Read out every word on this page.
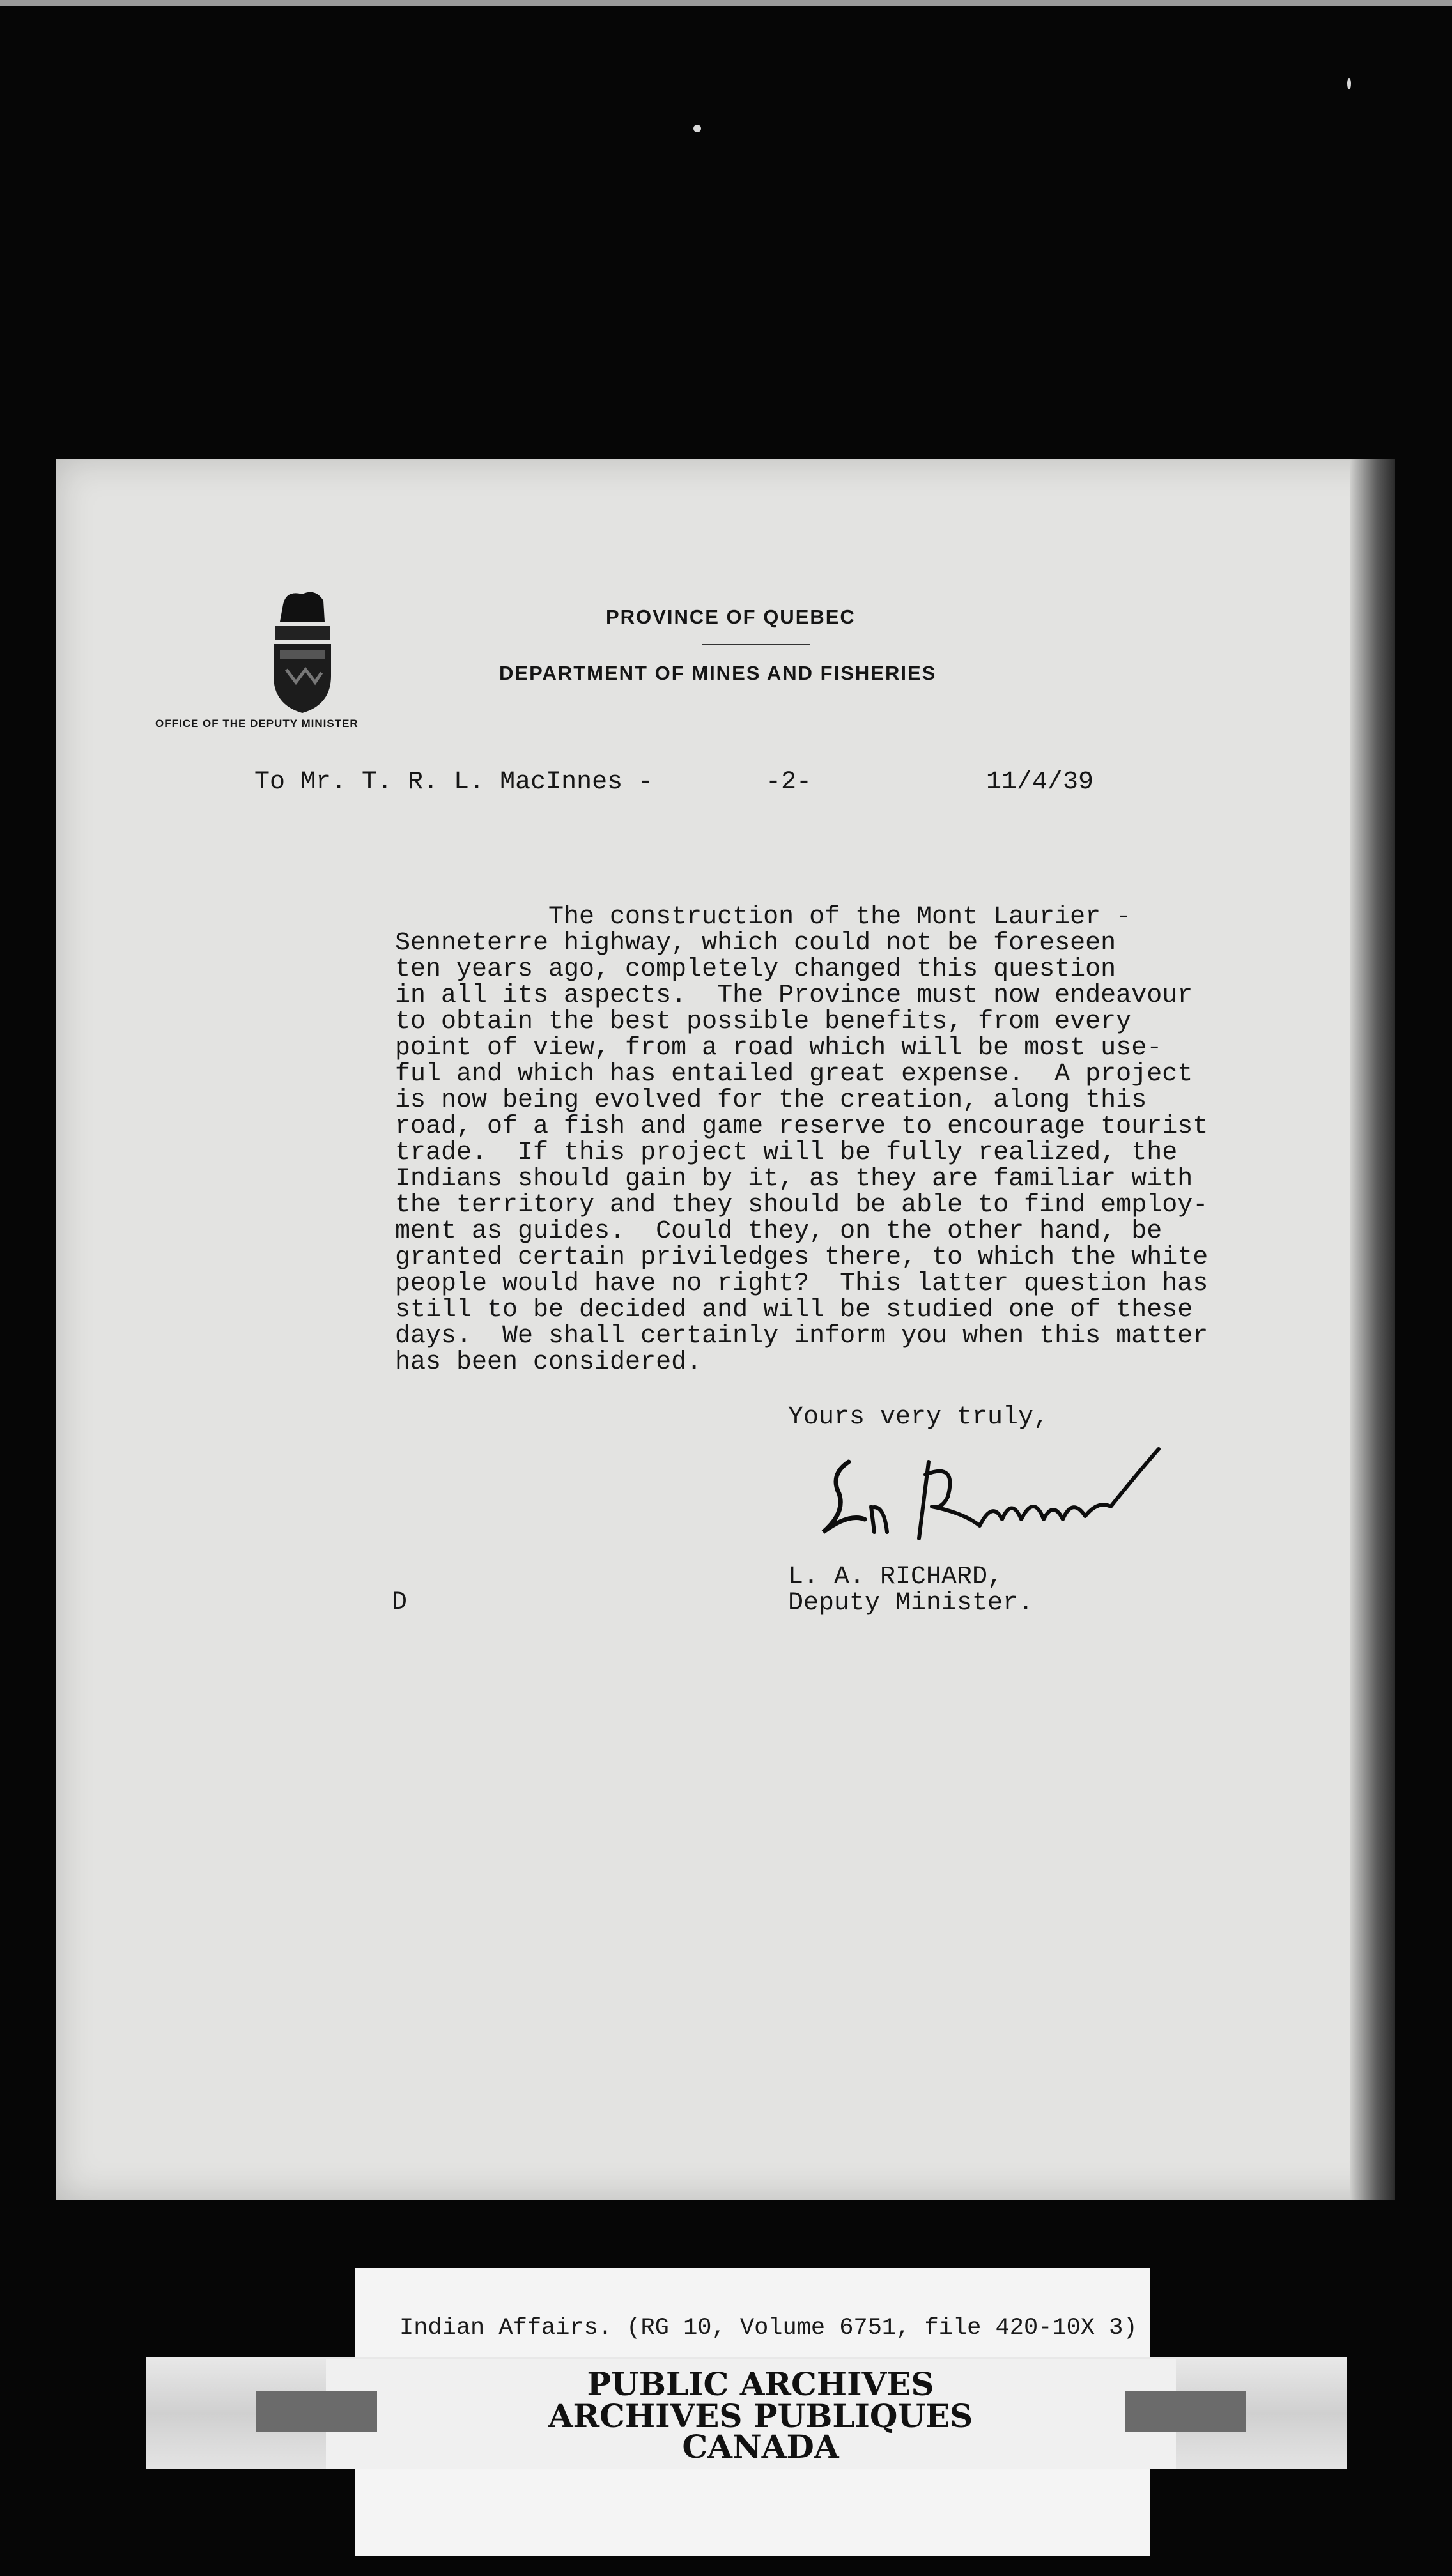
OFFICE OF THE DEPUTY MINISTER
PROVINCE OF QUEBEC
DEPARTMENT OF MINES AND FISHERIES
To Mr. T. R. L. MacInnes -	-2-	11/4/39
The construction of the Mont Laurier -
Senneterre highway, which could not be foreseen
ten years ago, completely changed this question
in all its aspects.  The Province must now endeavour
to obtain the best possible benefits, from every
point of view, from a road which will be most use-
ful and which has entailed great expense.  A project
is now being evolved for the creation, along this
road, of a fish and game reserve to encourage tourist
trade.  If this project will be fully realized, the
Indians should gain by it, as they are familiar with
the territory and they should be able to find employ-
ment as guides.  Could they, on the other hand, be
granted certain priviledges there, to which the white
people would have no right?  This latter question has
still to be decided and will be studied one of these
days.  We shall certainly inform you when this matter
has been considered.
Yours very truly,
L. A. RICHARD,
Deputy Minister.
D
Indian Affairs. (RG 10, Volume 6751, file 420-10X 3)
PUBLIC ARCHIVES
ARCHIVES PUBLIQUES
CANADA
